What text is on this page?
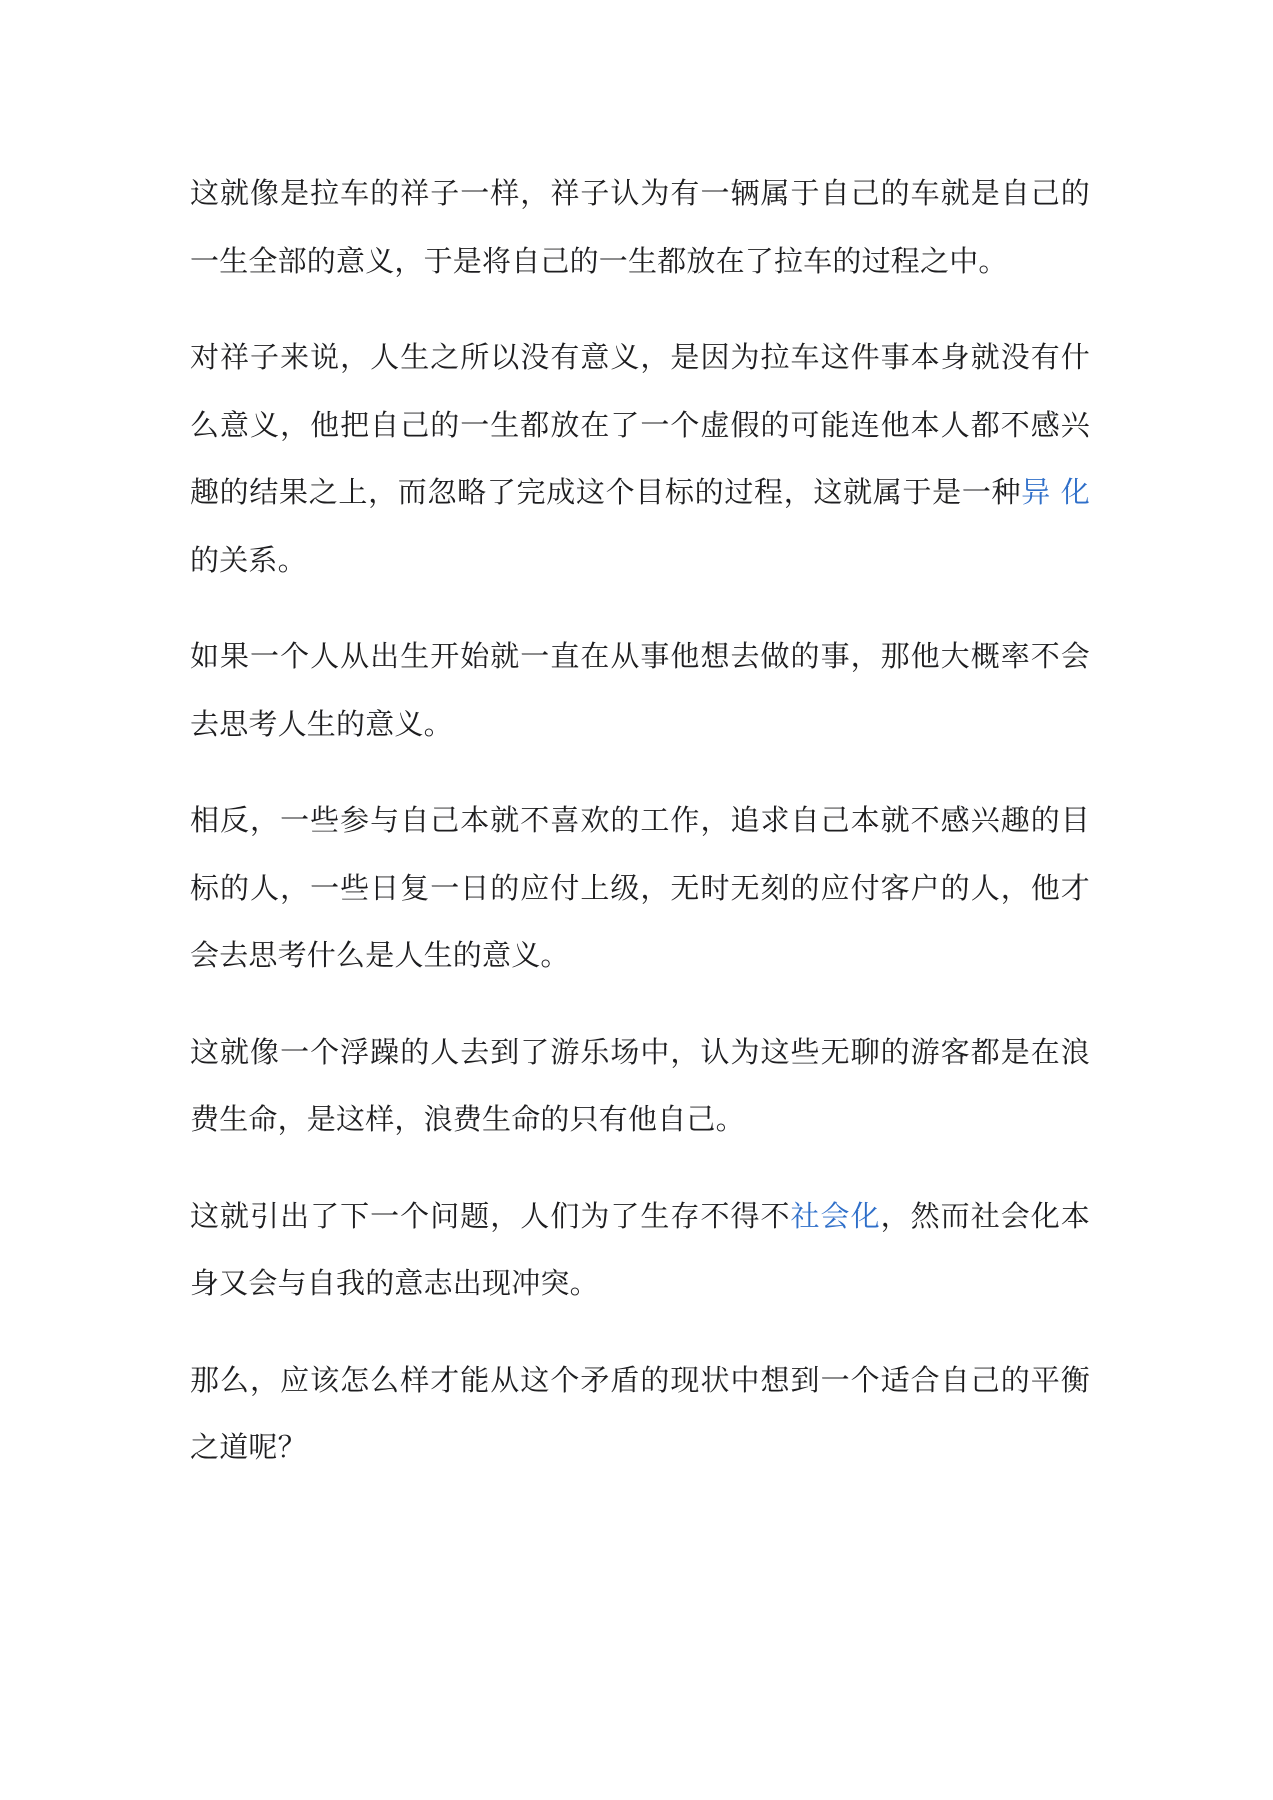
这就像是拉车的祥子一样，祥子认为有一辆属于自己的车就是自己的一生全部的意义，于是将自己的一生都放在了拉车的过程之中。

对祥子来说，人生之所以没有意义，是因为拉车这件事本身就没有什么意义，他把自己的一生都放在了一个虚假的可能连他本人都不感兴趣的结果之上，而忽略了完成这个目标的过程，这就属于是一种异 化的关系。

如果一个人从出生开始就一直在从事他想去做的事，那他大概率不会去思考人生的意义。

相反，一些参与自己本就不喜欢的工作，追求自己本就不感兴趣的目标的人，一些日复一日的应付上级，无时无刻的应付客户的人，他才会去思考什么是人生的意义。

这就像一个浮躁的人去到了游乐场中，认为这些无聊的游客都是在浪费生命，是这样，浪费生命的只有他自己。

这就引出了下一个问题，人们为了生存不得不社会化，然而社会化本身又会与自我的意志出现冲突。

那么，应该怎么样才能从这个矛盾的现状中想到一个适合自己的平衡之道呢？
